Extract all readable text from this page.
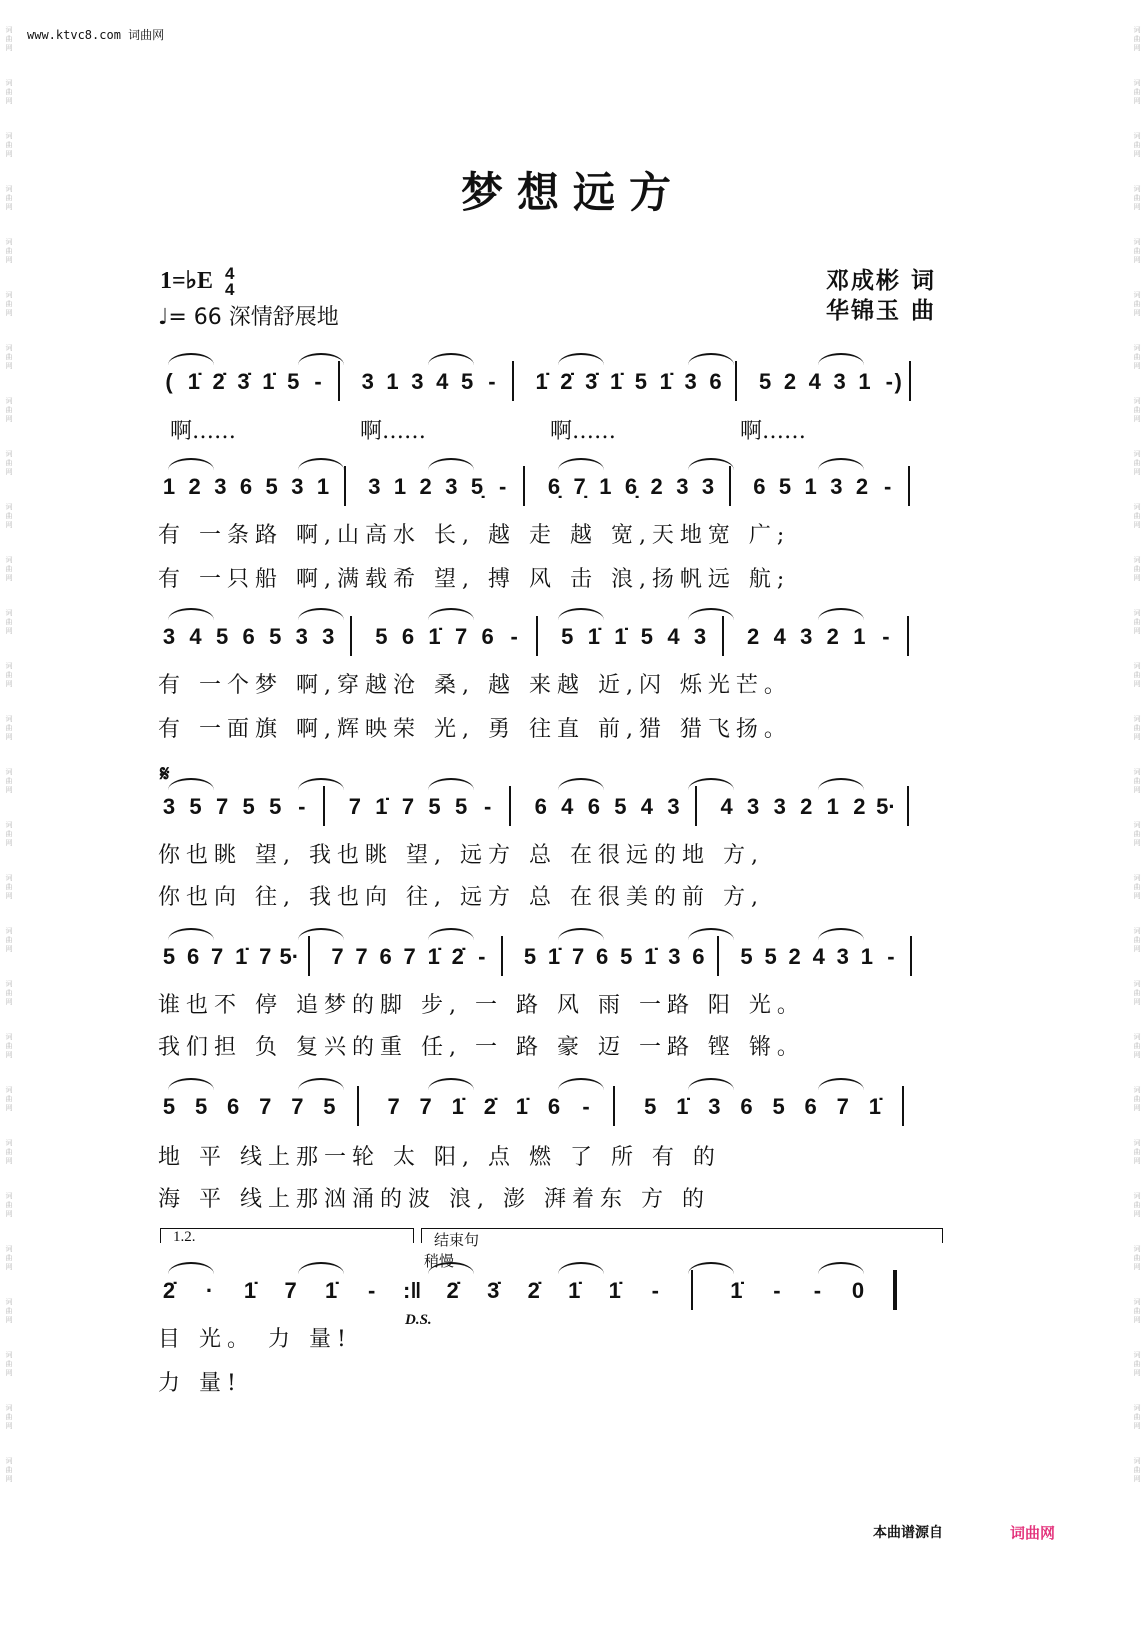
词
曲
网
词
曲
网
词
曲
网
词
曲
网
词
曲
网
词
曲
网
词
曲
网
词
曲
网
词
曲
网
词
曲
网
词
曲
网
词
曲
网
词
曲
网
词
曲
网
词
曲
网
词
曲
网
词
曲
网
词
曲
网
词
曲
网
词
曲
网
词
曲
网
词
曲
网
词
曲
网
词
曲
网
词
曲
网
词
曲
网
词
曲
网
词
曲
网
词
曲
网
词
曲
网
词
曲
网
词
曲
网
词
曲
网
词
曲
网
词
曲
网
词
曲
网
词
曲
网
词
曲
网
词
曲
网
词
曲
网
词
曲
网
词
曲
网
词
曲
网
词
曲
网
词
曲
网
词
曲
网
词
曲
网
词
曲
网
词
曲
网
词
曲
网
词
曲
网
词
曲
网
词
曲
网
词
曲
网
词
曲
网
词
曲
网
www.ktvc8.com 词曲网
梦想远方
1=♭E 4
4
♩= 66 深情舒展地
邓成彬 词
华锦玉 曲
( 1̇ 2̇ 3̇ 1̇ 5 -	3 1 3 4 5 -	1̇ 2̇ 3̇ 1̇ 5 1̇ 3 6 5 2 4 3 1 - )
啊……	啊……	啊……	啊……
1 2 3 6 5 3 1 3 1 2 3 5̣ -	6̣ 7̣ 1 6̣ 2 3 3 6 5 1 3 2 -
有 一条路 啊,山高水 长, 越 走 越 宽,天地宽 广;
有 一只船 啊,满载希 望, 搏 风 击 浪,扬帆远 航;
3 4 5 6 5 3 3 5 6 1̇ 7 6 -	5 1̇ 1̇ 5 4 3 2 4 3 2 1 -
有 一个梦 啊,穿越沧 桑, 越 来越 近,闪 烁光芒。
有 一面旗 啊,辉映荣 光, 勇 往直 前,猎 猎飞扬。
3 5 7 5 5 -	7 1̇ 7 5 5 -	6 4 6 5 4 3 4 3 3 2 1 2 5·
你也眺 望, 我也眺 望, 远方 总 在很远的地 方,
你也向 往, 我也向 往, 远方 总 在很美的前 方,
5 6 7 1̇ 7 5· 7 7 6 7 1̇ 2̇ -	5 1̇ 7 6 5 1̇ 3 6 5 5 2 4 3 1 -
谁也不 停 追梦的脚 步, 一 路 风 雨 一路 阳 光。
我们担 负 复兴的重 任, 一 路 豪 迈 一路 铿 锵。
5 5 6 7 7 5 7 7 1̇ 2̇ 1̇ 6	-	5 1̇ 3 6 5 6 7 1̇
地 平 线上那一轮 太 阳, 点 燃 了 所 有 的
海 平 线上那汹涌的波 浪, 澎 湃着东 方 的
2̇	·	1̇ 7 1̇	-	:‖ 2̇ 3̇ 2̇ 1̇ 1̇	-	1̇	-	-	0
目 光。 力 量!
力 量!
𝄋
1.2.	结束句
稍慢
D.S.
本曲谱源自	词曲网
